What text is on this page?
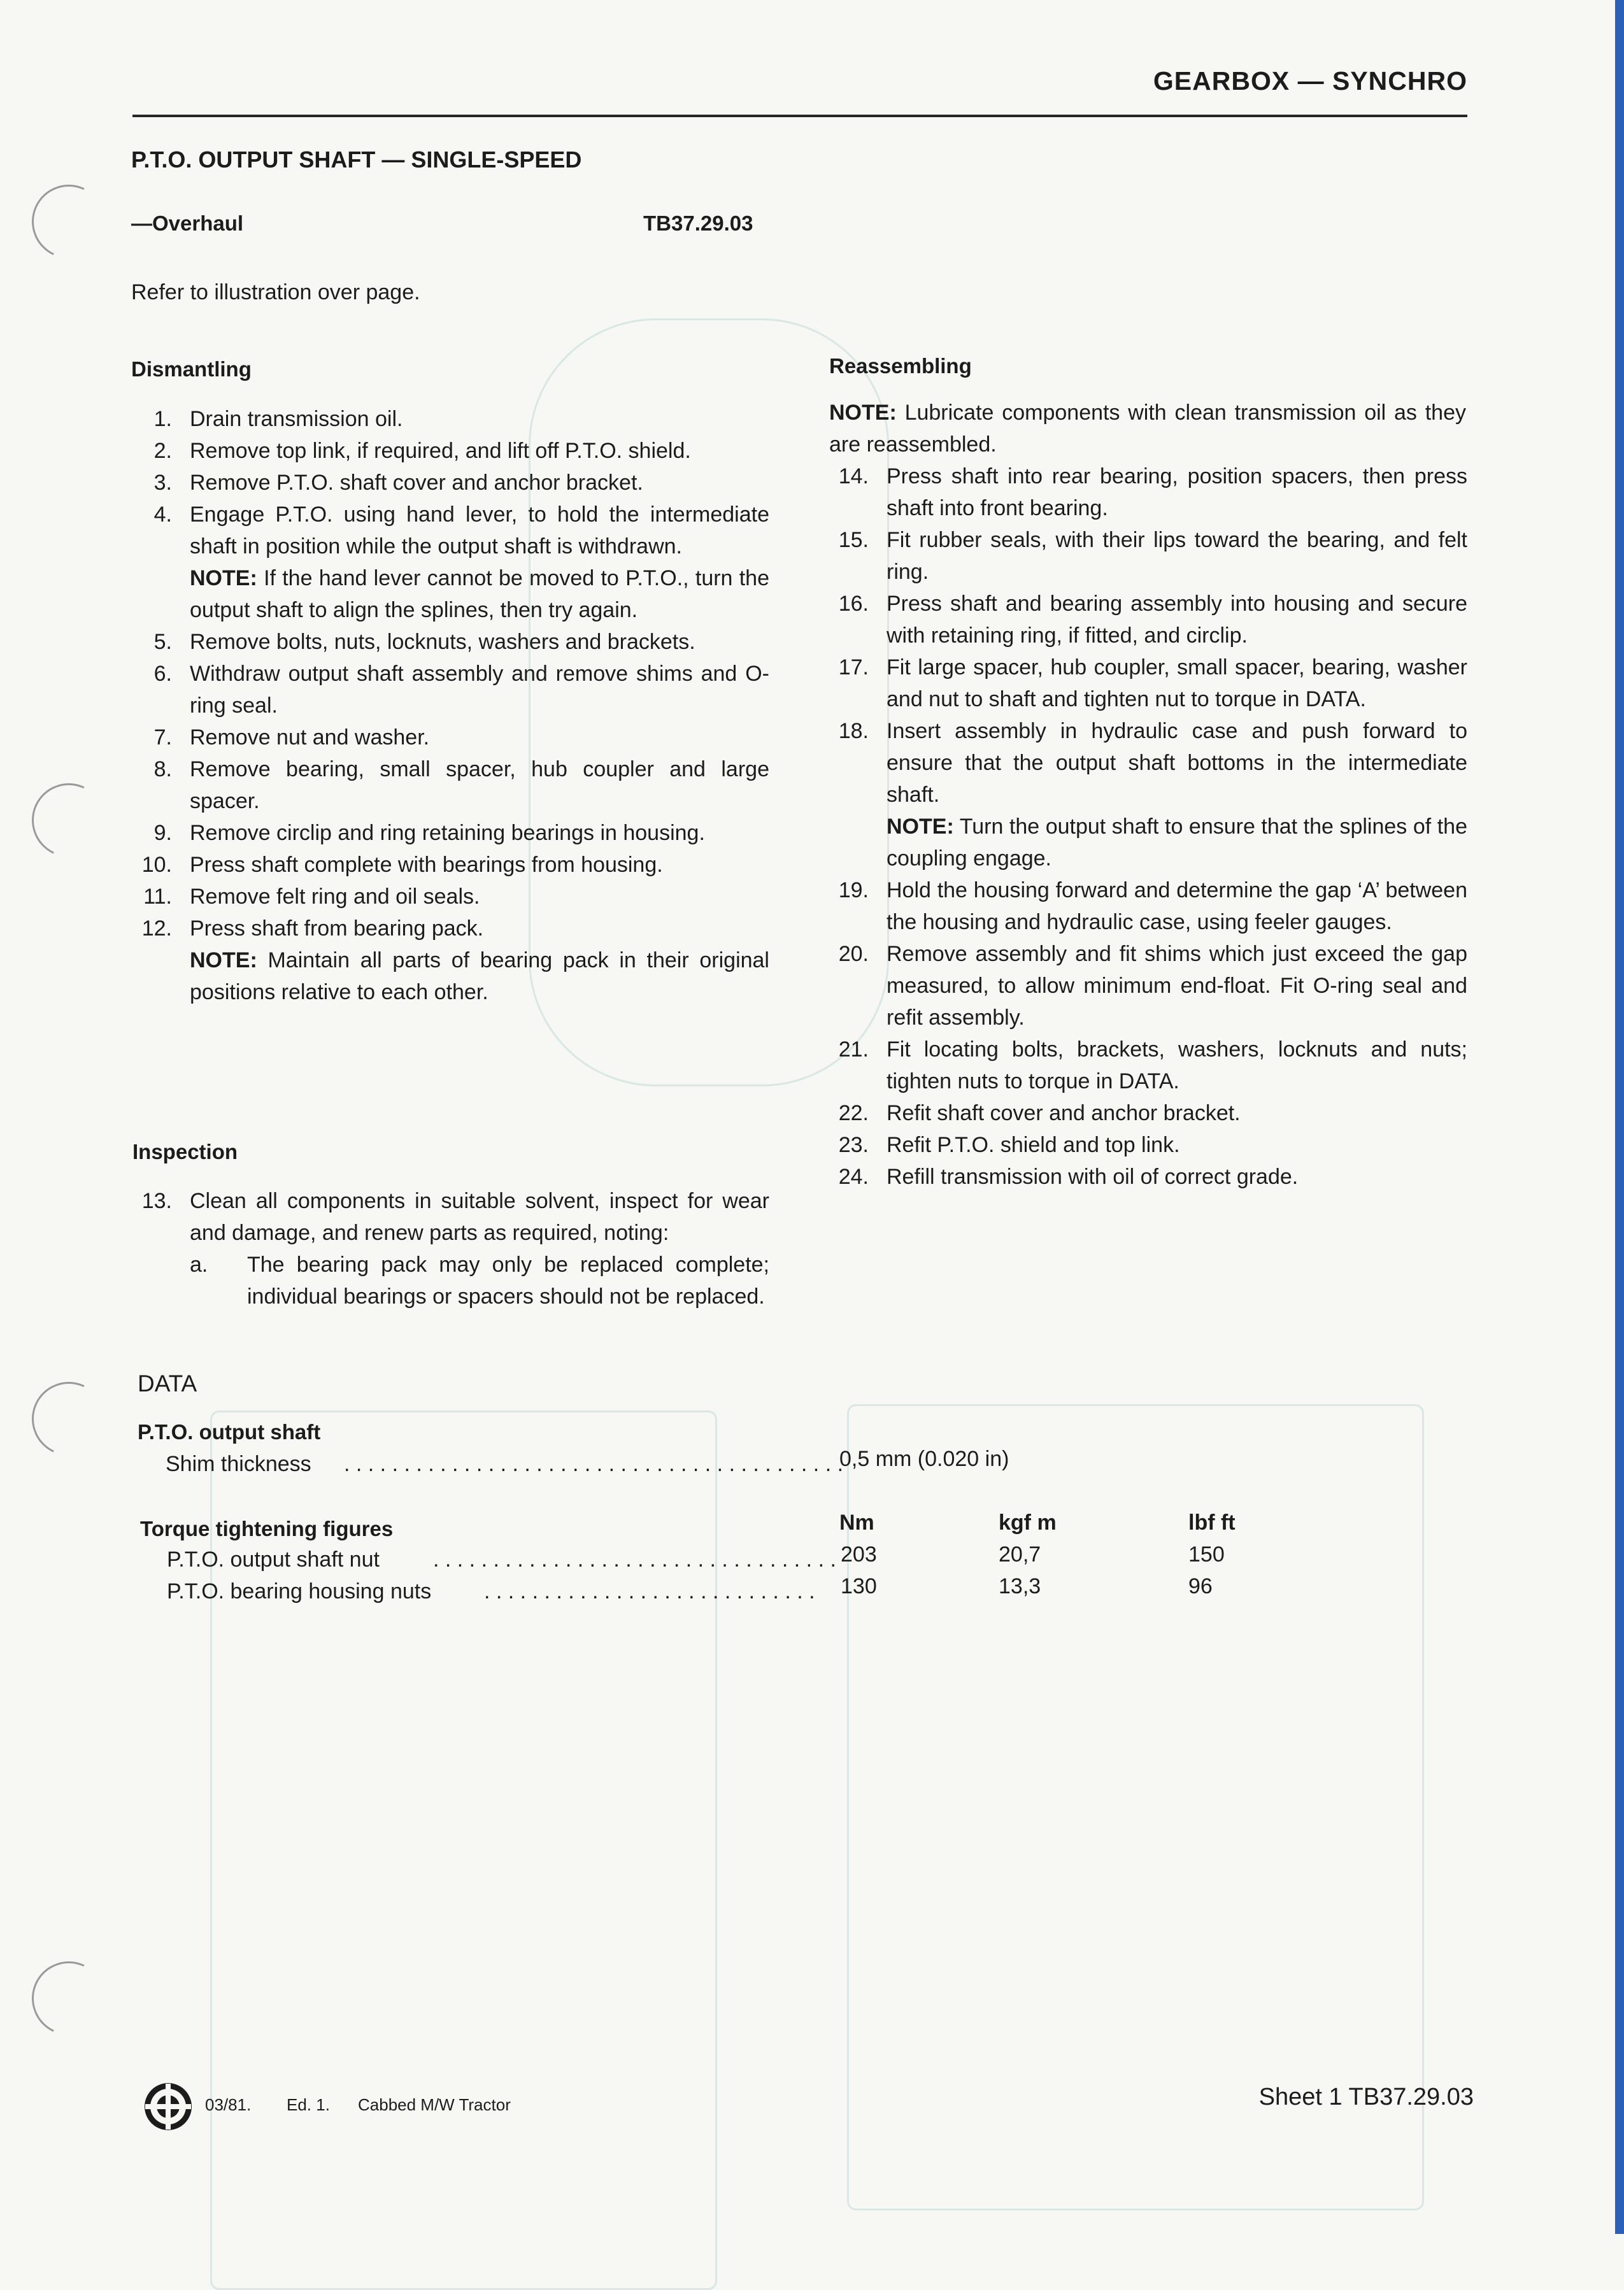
GEARBOX — SYNCHRO
P.T.O. OUTPUT SHAFT — SINGLE-SPEED
—Overhaul	TB37.29.03
Refer to illustration over page.
Dismantling
1. Drain transmission oil.
2. Remove top link, if required, and lift off P.T.O. shield.
3. Remove P.T.O. shaft cover and anchor bracket.
4. Engage P.T.O. using hand lever, to hold the intermediate shaft in position while the output shaft is withdrawn.
NOTE: If the hand lever cannot be moved to P.T.O., turn the output shaft to align the splines, then try again.
5. Remove bolts, nuts, locknuts, washers and brackets.
6. Withdraw output shaft assembly and remove shims and O-ring seal.
7. Remove nut and washer.
8. Remove bearing, small spacer, hub coupler and large spacer.
9. Remove circlip and ring retaining bearings in housing.
10. Press shaft complete with bearings from housing.
11. Remove felt ring and oil seals.
12. Press shaft from bearing pack.
NOTE: Maintain all parts of bearing pack in their original positions relative to each other.
Inspection
13. Clean all components in suitable solvent, inspect for wear and damage, and renew parts as required, noting:
a. The bearing pack may only be replaced complete; individual bearings or spacers should not be replaced.
Reassembling
NOTE: Lubricate components with clean transmission oil as they are reassembled.
14. Press shaft into rear bearing, position spacers, then press shaft into front bearing.
15. Fit rubber seals, with their lips toward the bearing, and felt ring.
16. Press shaft and bearing assembly into housing and secure with retaining ring, if fitted, and circlip.
17. Fit large spacer, hub coupler, small spacer, bearing, washer and nut to shaft and tighten nut to torque in DATA.
18. Insert assembly in hydraulic case and push forward to ensure that the output shaft bottoms in the intermediate shaft.
NOTE: Turn the output shaft to ensure that the splines of the coupling engage.
19. Hold the housing forward and determine the gap ‘A’ between the housing and hydraulic case, using feeler gauges.
20. Remove assembly and fit shims which just exceed the gap measured, to allow minimum end-float. Fit O-ring seal and refit assembly.
21. Fit locating bolts, brackets, washers, locknuts and nuts; tighten nuts to torque in DATA.
22. Refit shaft cover and anchor bracket.
23. Refit P.T.O. shield and top link.
24. Refill transmission with oil of correct grade.
DATA
P.T.O. output shaft
Shim thickness . . . . . . . . . . . . . . . . . . . . . . . . . . . . . . . . . . . . . . . . . .
0,5 mm (0.020 in)
Torque tightening figures	Nm	kgf m	lbf ft
P.T.O. output shaft nut . . . . . . . . . . . . . . . . . . . . . . . . . . . . . . . . . . 203	20,7	150
P.T.O. bearing housing nuts . . . . . . . . . . . . . . . . . . . . . . . . . . . . 130	13,3	96
03/81. Ed. 1. Cabbed M/W Tractor	Sheet 1 TB37.29.03
